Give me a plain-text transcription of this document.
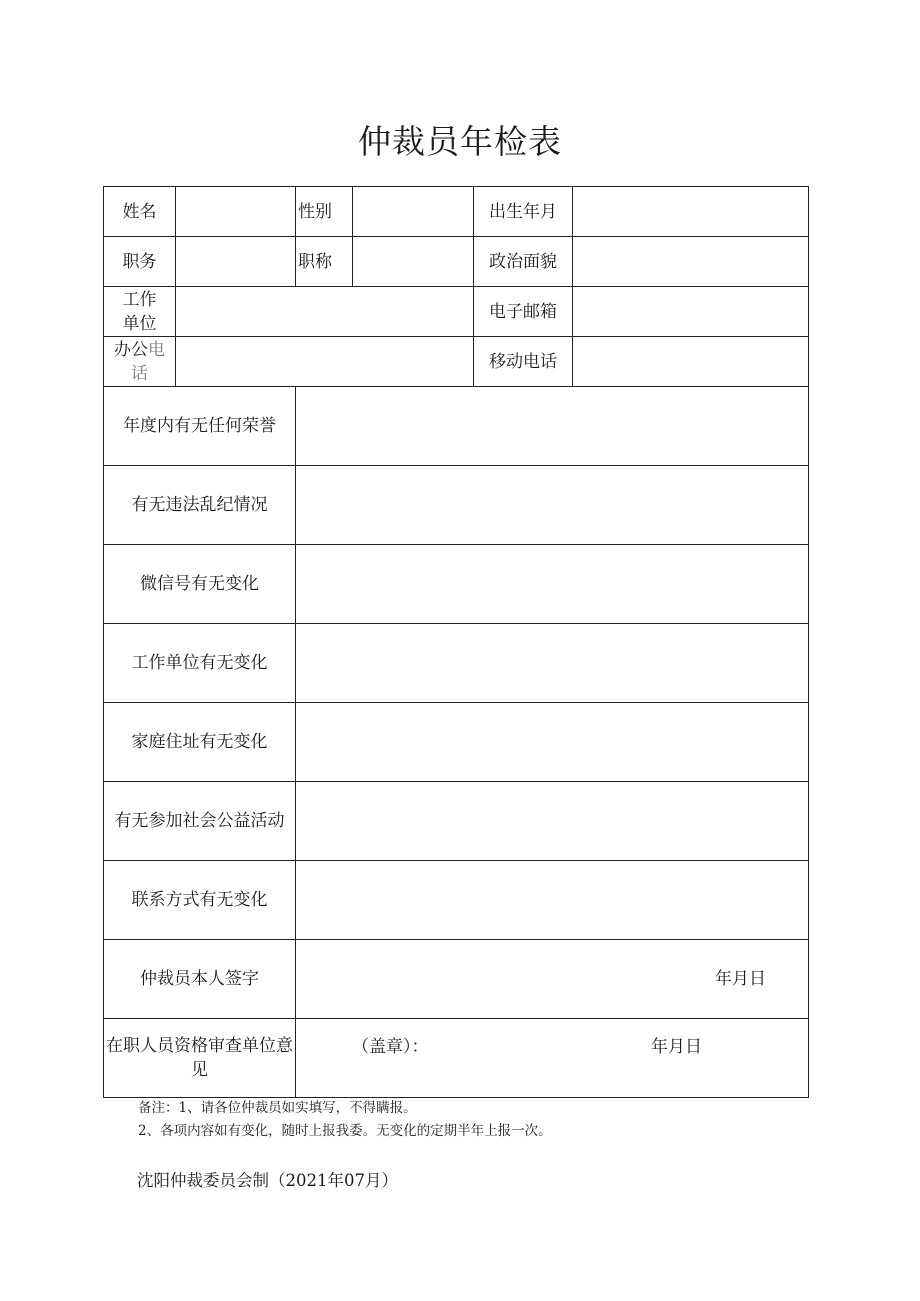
仲裁员年检表
姓名		性别		出生年月	
职务		职称		政治面貌	

工作
单位				电子邮箱	

办公电
话				移动电话	
年度内有无任何荣誉					
有无违法乱纪情况					
微信号有无变化					
工作单位有无变化					
家庭住址有无变化					
有无参加社会公益活动					
联系方式有无变化					
仲裁员本人签字		年月日			
在职人员资格审查单位意见		（盖章）： 年月日			
备注：1、请各位仲裁员如实填写，不得瞒报。
2、各项内容如有变化，随时上报我委。无变化的定期半年上报一次。
沈阳仲裁委员会制（2021年07月）
